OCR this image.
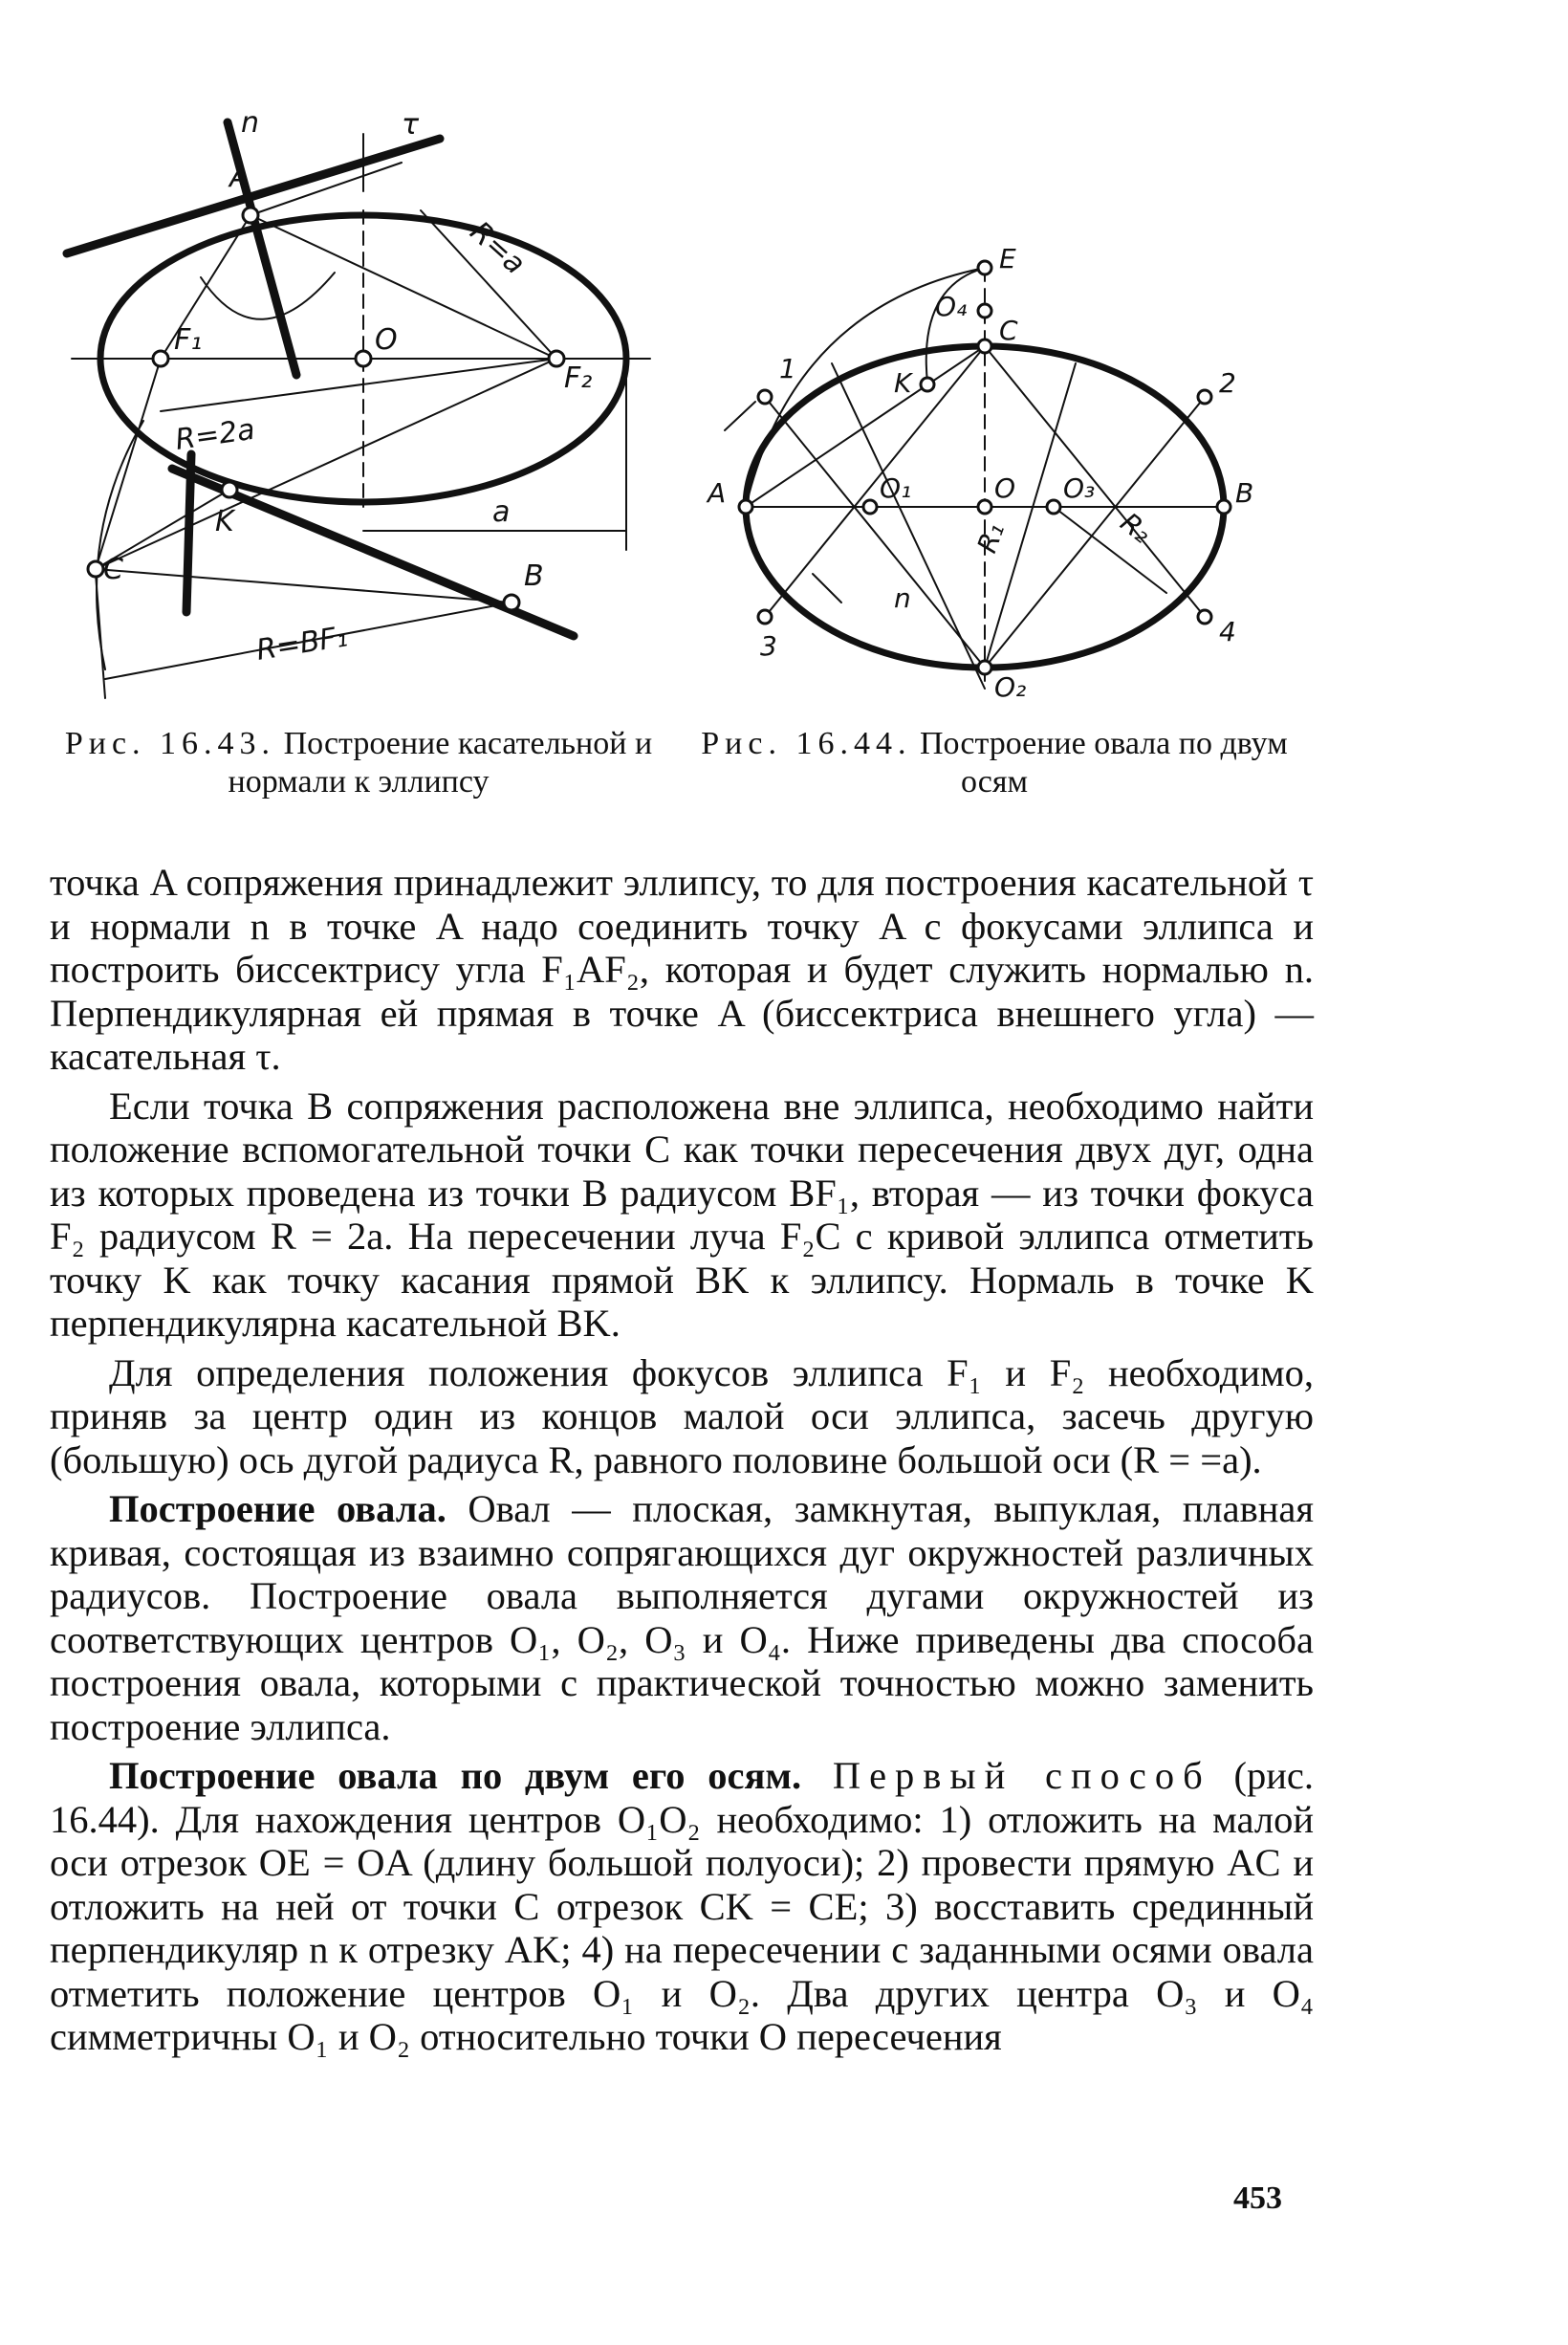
n	τ
A
R=a
F₁	O
F₂
R=2a
K
C
a
B
R=BF₁
E
O₄
C
K
1	2
A	O₁	O O₃	B
R₁	R₂
n
3	4
O₂
Рис. 16.43. Построение касательной и
нормали к эллипсу
Рис. 16.44. Построение овала по двум
осям

точка A сопряжения принадлежит эллипсу, то для построения касательной τ и нормали n в точке A надо соединить точку A с фокусами эллипса и построить биссектрису угла F₁AF₂, которая и будет служить нормалью n. Перпендикулярная ей прямая в точке A (биссектриса внешнего угла) — касательная τ.

Если точка B сопряжения расположена вне эллипса, необходимо найти положение вспомогательной точки C как точки пересечения двух дуг, одна из которых проведена из точки B радиусом BF₁, вторая — из точки фокуса F₂ радиусом R = 2a. На пересечении луча F₂C с кривой эллипса отметить точку K как точку касания прямой BK к эллипсу. Нормаль в точке K перпендикулярна касательной BK.

Для определения положения фокусов эллипса F₁ и F₂ необходимо, приняв за центр один из концов малой оси эллипса, засечь другую (большую) ось дугой радиуса R, равного половине большой оси (R = =a).

Построение овала. Овал — плоская, замкнутая, выпуклая, плавная кривая, состоящая из взаимно сопрягающихся дуг окружностей различных радиусов. Построение овала выполняется дугами окружностей из соответствующих центров O₁, O₂, O₃ и O₄. Ниже приведены два способа построения овала, которыми с практической точностью можно заменить построение эллипса.

Построение овала по двум его осям. Первый способ (рис. 16.44). Для нахождения центров O₁O₂ необходимо: 1) отложить на малой оси отрезок OE = OA (длину большой полуоси); 2) провести прямую AC и отложить на ней от точки C отрезок CK = CE; 3) восставить срединный перпендикуляр n к отрезку AK; 4) на пересечении с заданными осями овала отметить положение центров O₁ и O₂. Два других центра O₃ и O₄ симметричны O₁ и O₂ относительно точки O пересечения

453
